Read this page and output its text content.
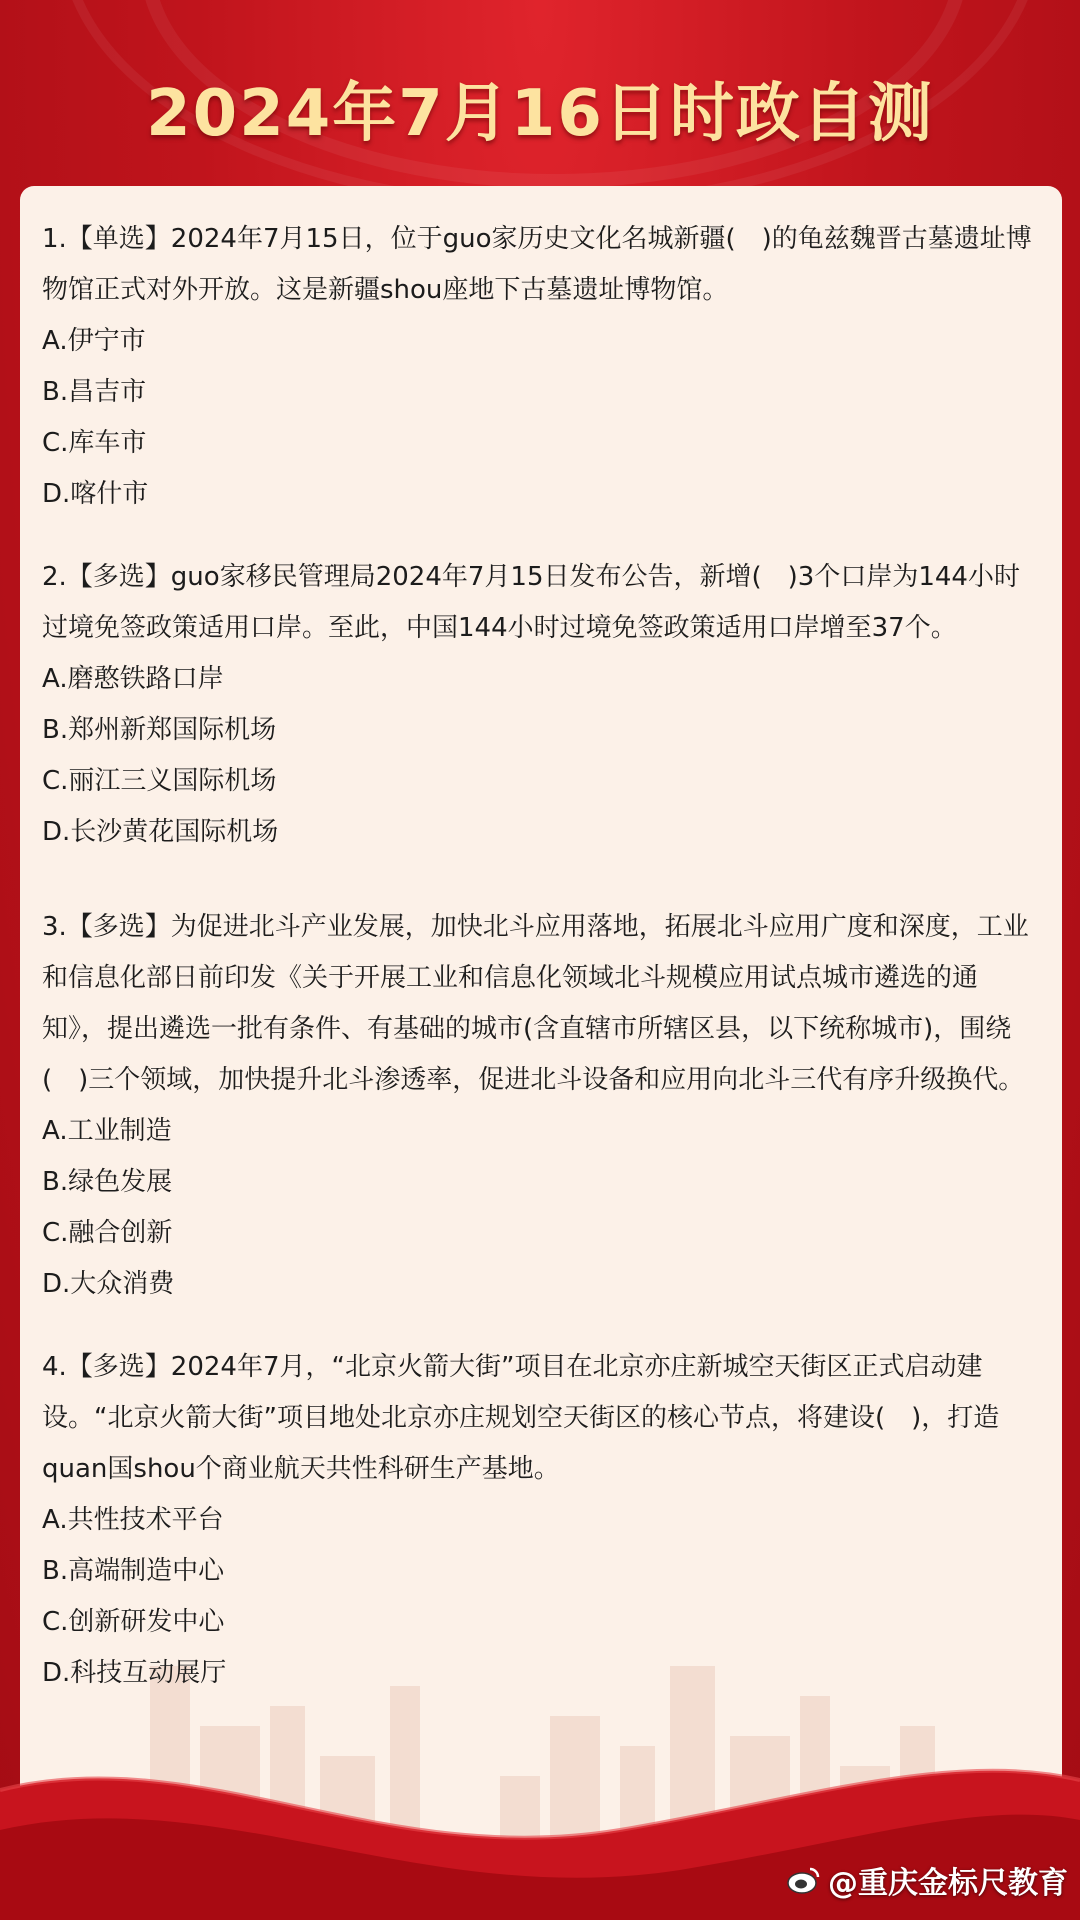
2024年7月16日时政自测

1.【单选】2024年7月15日，位于guo家历史文化名城新疆(　)的龟兹魏晋古墓遗址博物馆正式对外开放。这是新疆shou座地下古墓遗址博物馆。

A.伊宁市

B.昌吉市

C.库车市

D.喀什市

2.【多选】guo家移民管理局2024年7月15日发布公告，新增(　)3个口岸为144小时过境免签政策适用口岸。至此，中国144小时过境免签政策适用口岸增至37个。

A.磨憨铁路口岸

B.郑州新郑国际机场

C.丽江三义国际机场

D.长沙黄花国际机场

3.【多选】为促进北斗产业发展，加快北斗应用落地，拓展北斗应用广度和深度，工业和信息化部日前印发《关于开展工业和信息化领域北斗规模应用试点城市遴选的通知》，提出遴选一批有条件、有基础的城市(含直辖市所辖区县，以下统称城市)，围绕(　)三个领域，加快提升北斗渗透率，促进北斗设备和应用向北斗三代有序升级换代。

A.工业制造

B.绿色发展

C.融合创新

D.大众消费

4.【多选】2024年7月，“北京火箭大街”项目在北京亦庄新城空天街区正式启动建设。“北京火箭大街”项目地处北京亦庄规划空天街区的核心节点，将建设(　)，打造quan国shou个商业航天共性科研生产基地。

A.共性技术平台

B.高端制造中心

C.创新研发中心

D.科技互动展厅

@重庆金标尺教育
